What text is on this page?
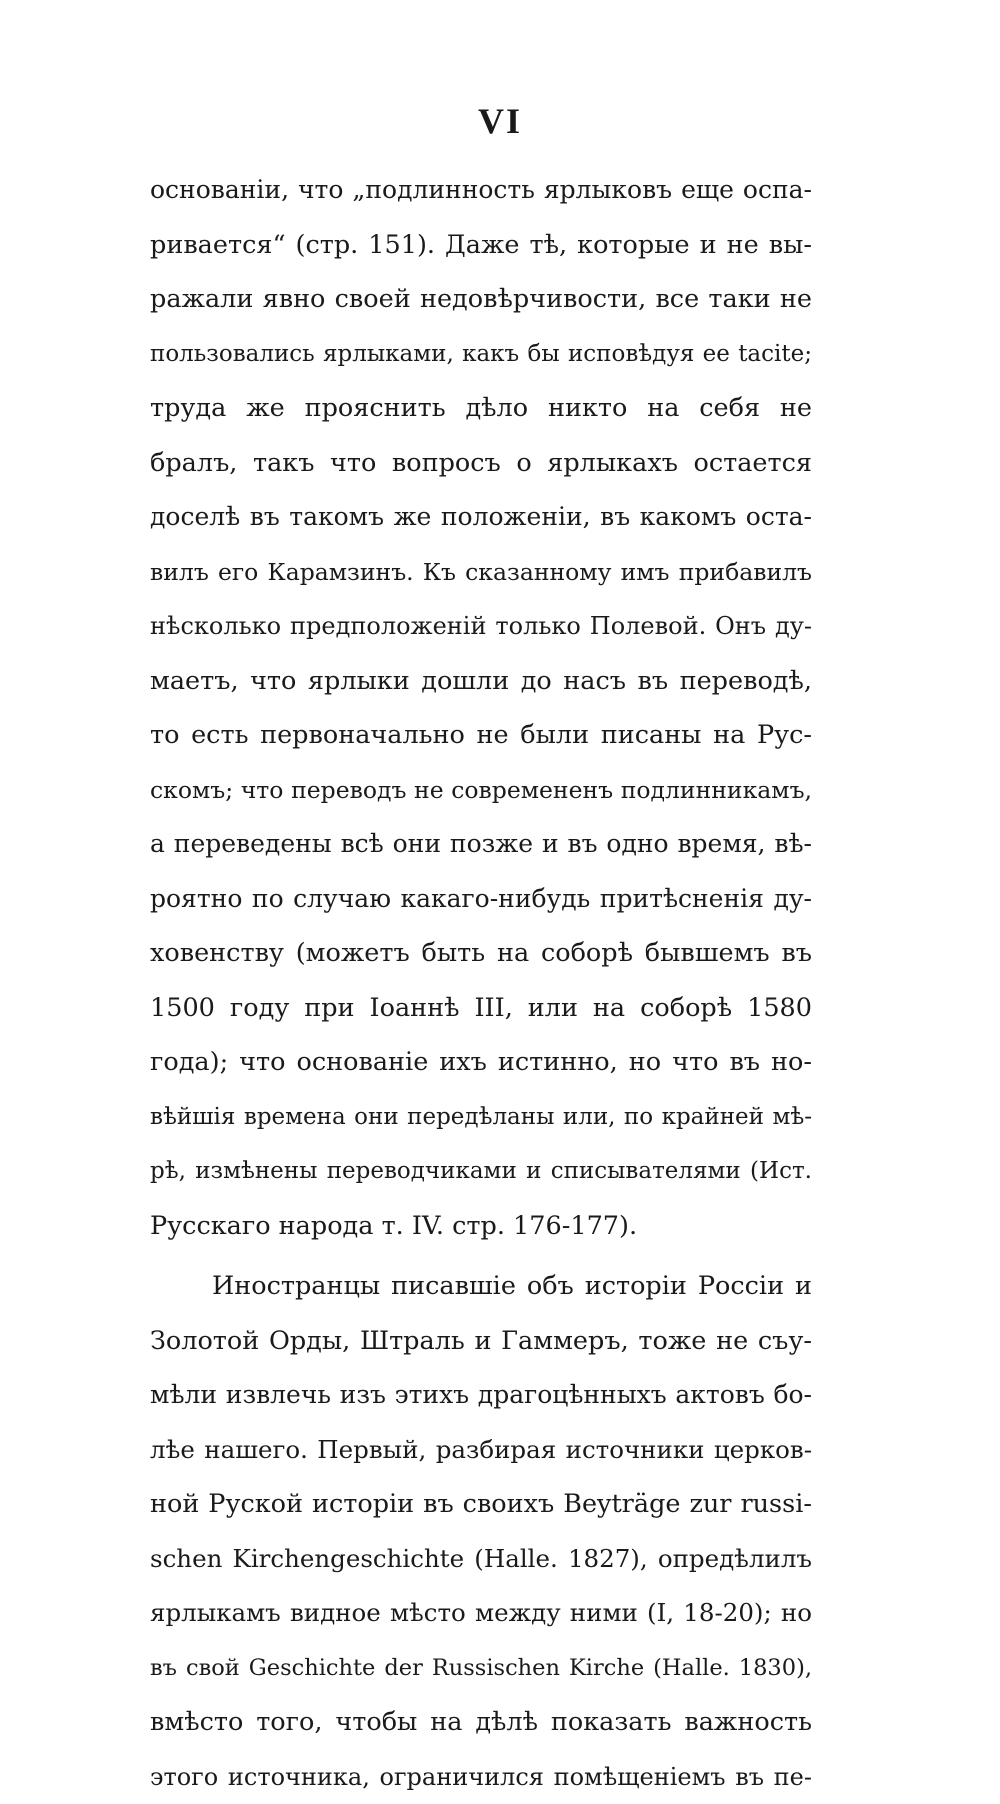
VI
основанiи, что „подлинность ярлыковъ еще оспа-
риваетcя“ (стр. 151). Даже тѣ, которые и не вы-
ражали явно своей недовѣрчивости, все таки не
пользовались ярлыками, какъ бы исповѣдуя ее tacite;
труда же прояснить дѣло никто на себя не
бралъ, такъ что вопросъ о ярлыкахъ остается
доселѣ въ такомъ же положенiи, въ какомъ оста-
вилъ его Карамзинъ. Къ сказанному имъ прибавилъ
нѣсколько предположенiй только Полевой. Онъ ду-
маетъ, что ярлыки дошли до насъ въ переводѣ,
то есть первоначально не были писаны на Рус-
скомъ; что переводъ не современенъ подлинникамъ,
а переведены всѣ они позже и въ одно время, вѣ-
роятно по случаю какаго-нибудь притѣсненiя ду-
ховенству (можетъ быть на соборѣ бывшемъ въ
1500 году при Iоаннѣ III, или на соборѣ 1580
года); что основанiе ихъ истинно, но что въ но-
вѣйшiя времена они передѣланы или, по крайней мѣ-
рѣ, измѣнены переводчиками и списывателями (Ист.
Русскаго народа т. IV. стр. 176-177).
Иностранцы писавшiе объ исторiи Россiи и
Золотой Орды, Штраль и Гаммеръ, тоже не съу-
мѣли извлечь изъ этихъ драгоцѣнныхъ актовъ бо-
лѣе нашего. Первый, разбирая источники церков-
ной Руской исторiи въ своихъ Beyträge zur russi-
schen Kirchengeschichte (Halle. 1827), опредѣлилъ
ярлыкамъ видное мѣсто между ними (I, 18-20); но
въ свой Geschichte der Russischen Kirche (Halle. 1830),
вмѣсто того, чтобы на дѣлѣ показать важность
этого источника, ограничился помѣщенiемъ въ пе-
